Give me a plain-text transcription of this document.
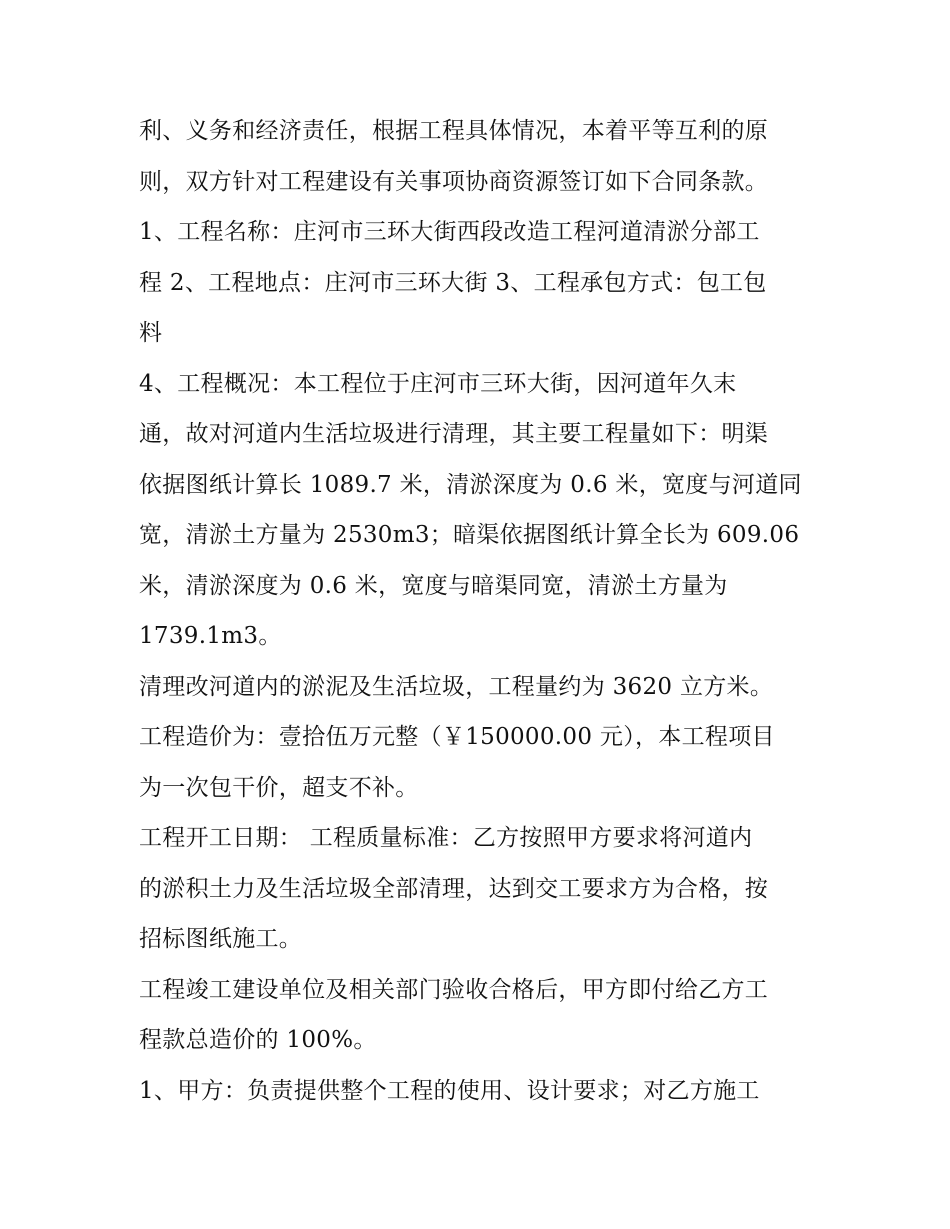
利、义务和经济责任，根据工程具体情况，本着平等互利的原
则，双方针对工程建设有关事项协商资源签订如下合同条款。
1、工程名称：庄河市三环大街西段改造工程河道清淤分部工
程 2、工程地点：庄河市三环大街 3、工程承包方式：包工包
料
4、工程概况：本工程位于庄河市三环大街，因河道年久末
通，故对河道内生活垃圾进行清理，其主要工程量如下：明渠
依据图纸计算长 1089.7 米，清淤深度为 0.6 米，宽度与河道同
宽，清淤土方量为 2530m3；暗渠依据图纸计算全长为 609.06
米，清淤深度为 0.6 米，宽度与暗渠同宽，清淤土方量为
1739.1m3。
清理改河道内的淤泥及生活垃圾，工程量约为 3620 立方米。
工程造价为：壹拾伍万元整（￥150000.00 元），本工程项目
为一次包干价，超支不补。
工程开工日期： 工程质量标准：乙方按照甲方要求将河道内
的淤积土力及生活垃圾全部清理，达到交工要求方为合格，按
招标图纸施工。
工程竣工建设单位及相关部门验收合格后，甲方即付给乙方工
程款总造价的 100%。
1、甲方：负责提供整个工程的使用、设计要求；对乙方施工
